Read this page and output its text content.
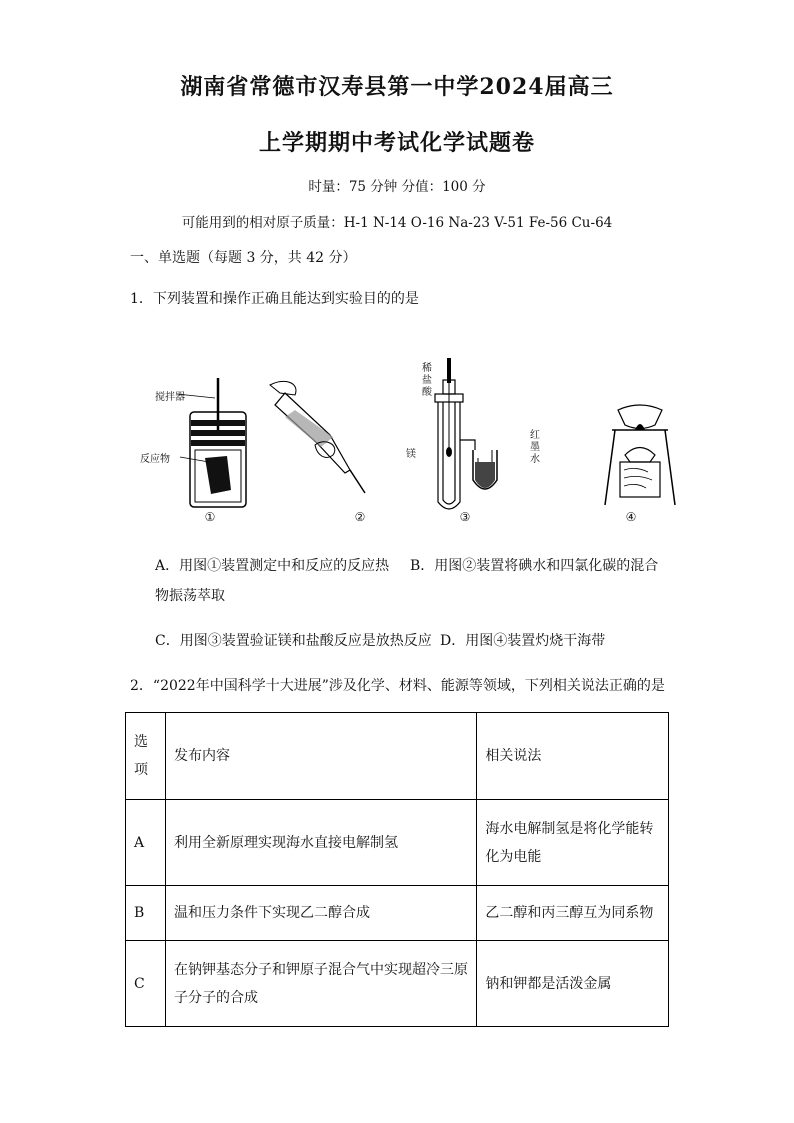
湖南省常德市汉寿县第一中学2024届高三
上学期期中考试化学试题卷
时量：75 分钟 分值：100 分
可能用到的相对原子质量：H-1 N-14 O-16 Na-23 V-51 Fe-56 Cu-64
一、单选题（每题 3 分，共 42 分）
1．下列装置和操作正确且能达到实验目的的是
搅拌器
反应物
①	②
稀
盐
酸
镁
红
墨
水
③	④
A．用图①装置测定中和反应的反应热 B．用图②装置将碘水和四氯化碳的混合
物振荡萃取
C．用图③装置验证镁和盐酸反应是放热反应 D．用图④装置灼烧干海带
2．“2022年中国科学十大进展”涉及化学、材料、能源等领域，下列相关说法正确的是
选
项	发布内容	相关说法
A	利用全新原理实现海水直接电解制氢	海水电解制氢是将化学能转化为电能
B	温和压力条件下实现乙二醇合成	乙二醇和丙三醇互为同系物
C	在钠钾基态分子和钾原子混合气中实现超冷三原子分子的合成	钠和钾都是活泼金属
